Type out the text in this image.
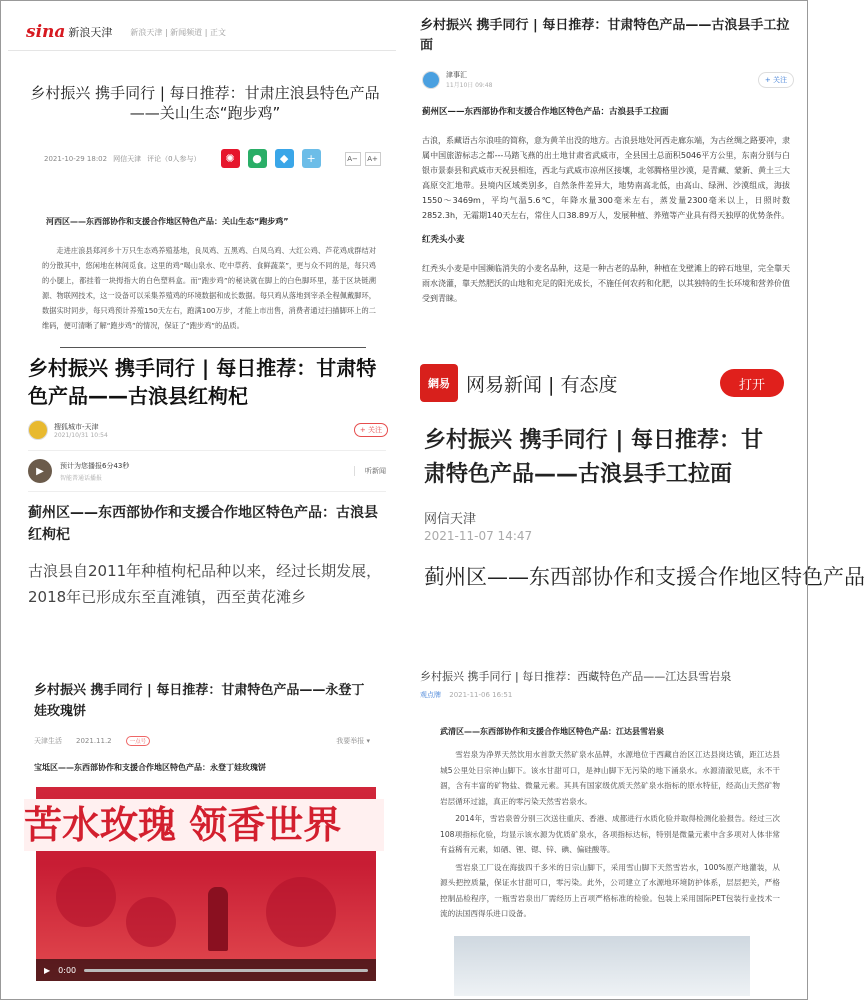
sina 新浪天津 新浪天津 | 新闻频道 | 正文
乡村振兴 携手同行 | 每日推荐：甘肃庄浪县特色产品——关山生态“跑步鸡”
2021-10-29 18:02 网信天津 评论（0人参与）	✺	●	◆	+	A−	A+
河西区——东西部协作和支援合作地区特色产品：关山生态“跑步鸡”
走进庄浪县郑河乡十万只生态鸡养殖基地，良凤鸡、五黑鸡、白凤乌鸡、大红公鸡、芦花鸡成群结对的分散其中，悠闲地在林间觅食。这里的鸡“喝山泉水、吃中草药、食鲜蔬菜”，更与众不同的是，每只鸡的小腿上，都挂着一块拇指大的白色塑料盒。而“跑步鸡”的秘诀就在脚上的白色脚环里，基于区块链溯源、物联网技术，这一设备可以采集养殖鸡的环境数据和成长数据。每只鸡从落地到宰杀全程佩戴脚环，数据实时同步，每只鸡预计养殖150天左右，跑满100万步，才能上市出售，消费者通过扫描脚环上的二维码，便可清晰了解“跑步鸡”的情况，保证了“跑步鸡”的品质。
乡村振兴 携手同行 | 每日推荐：甘肃特色产品——古浪县手工拉面
津事汇
11月10日 09:48
+ 关注
蓟州区——东西部协作和支援合作地区特色产品：古浪县手工拉面
古浪，系藏语古尔浪哇的简称，意为黄羊出没的地方。古浪县地处河西走廊东端，为古丝绸之路要冲，隶属中国旅游标志之都---马踏飞燕的出土地甘肃省武威市，全县国土总面积5046平方公里，东南分别与白银市景泰县和武威市天祝县相连，西北与武威市凉州区接壤，北邻腾格里沙漠，是青藏、蒙新、黄土三大高原交汇地带。县境内区域类别多，自然条件差异大，地势南高北低，由高山、绿洲、沙漠组成，海拔1550～3469m，平均气温5.6℃，年降水量300毫米左右，蒸发量2300毫米以上，日照时数2852.3h，无霜期140天左右，常住人口38.89万人，发展种植、养殖等产业具有得天独厚的优势条件。
红秃头小麦
红秃头小麦是中国濒临消失的小麦名品种，这是一种古老的品种，种植在戈壁滩上的碎石地里，完全靠天雨水浇灌，靠天然肥沃的山地和充足的阳光成长，不施任何农药和化肥，以其独特的生长环境和营养价值受到青睐。
乡村振兴 携手同行 | 每日推荐：甘肃特色产品——古浪县红枸杞
搜狐城市-天津
2021/10/31 10:54
+ 关注
▶	预计为您播报6分43秒
智能普通话播报
听新闻
蓟州区——东西部协作和支援合作地区特色产品：古浪县红枸杞
古浪县自2011年种植枸杞品种以来，经过长期发展，2018年已形成东至直滩镇，西至黄花滩乡
網易 网易新闻 | 有态度	打开
乡村振兴 携手同行 | 每日推荐：甘肃特色产品——古浪县手工拉面
网信天津
2021-11-07 14:47
蓟州区——东西部协作和支援合作地区特色产品
乡村振兴 携手同行 | 每日推荐：甘肃特色产品——永登丁娃玫瑰饼
天津生活 2021.11.2	一点号	我要举报 ▾
宝坻区——东西部协作和支援合作地区特色产品：永登丁娃玫瑰饼
苦水玫瑰 领香世界
▶ 0:00
乡村振兴 携手同行 | 每日推荐：西藏特色产品——江达县雪岩泉
观点牌 2021-11-06 16:51
武清区——东西部协作和支援合作地区特色产品：江达县雪岩泉
雪岩泉为净界天然饮用水首款天然矿泉水品牌，水源地位于西藏自治区江达县岗达镇，距江达县城5公里处日宗神山脚下。该水甘甜可口，是神山脚下无污染的地下涌泉水。水源清澈见底，永不干涸，含有丰富的矿物盐、微量元素。其具有国家级优质天然矿泉水指标的原水特征，经高山天然矿物岩层循环过滤，真正的零污染天然雪岩泉水。
2014年，雪岩泉曾分别三次送往重庆、香港、成都进行水质化验并取得检测化验报告。经过三次108项指标化验，均显示该水源为优质矿泉水，各项指标达标，特别是微量元素中含多项对人体非常有益稀有元素，如硒、锂、锶、锌、碘、偏硅酸等。
雪岩泉工厂设在海拔四千多米的日宗山脚下，采用雪山脚下天然雪岩水，100%原产地灌装，从源头把控质量，保证水甘甜可口，零污染。此外，公司建立了水源地环境防护体系，层层把关，严格控制品检程序，一瓶雪岩泉出厂需经历上百项严格标准的检验。包装上采用国际PET包装行业技术一流的法国西得乐进口设备。
